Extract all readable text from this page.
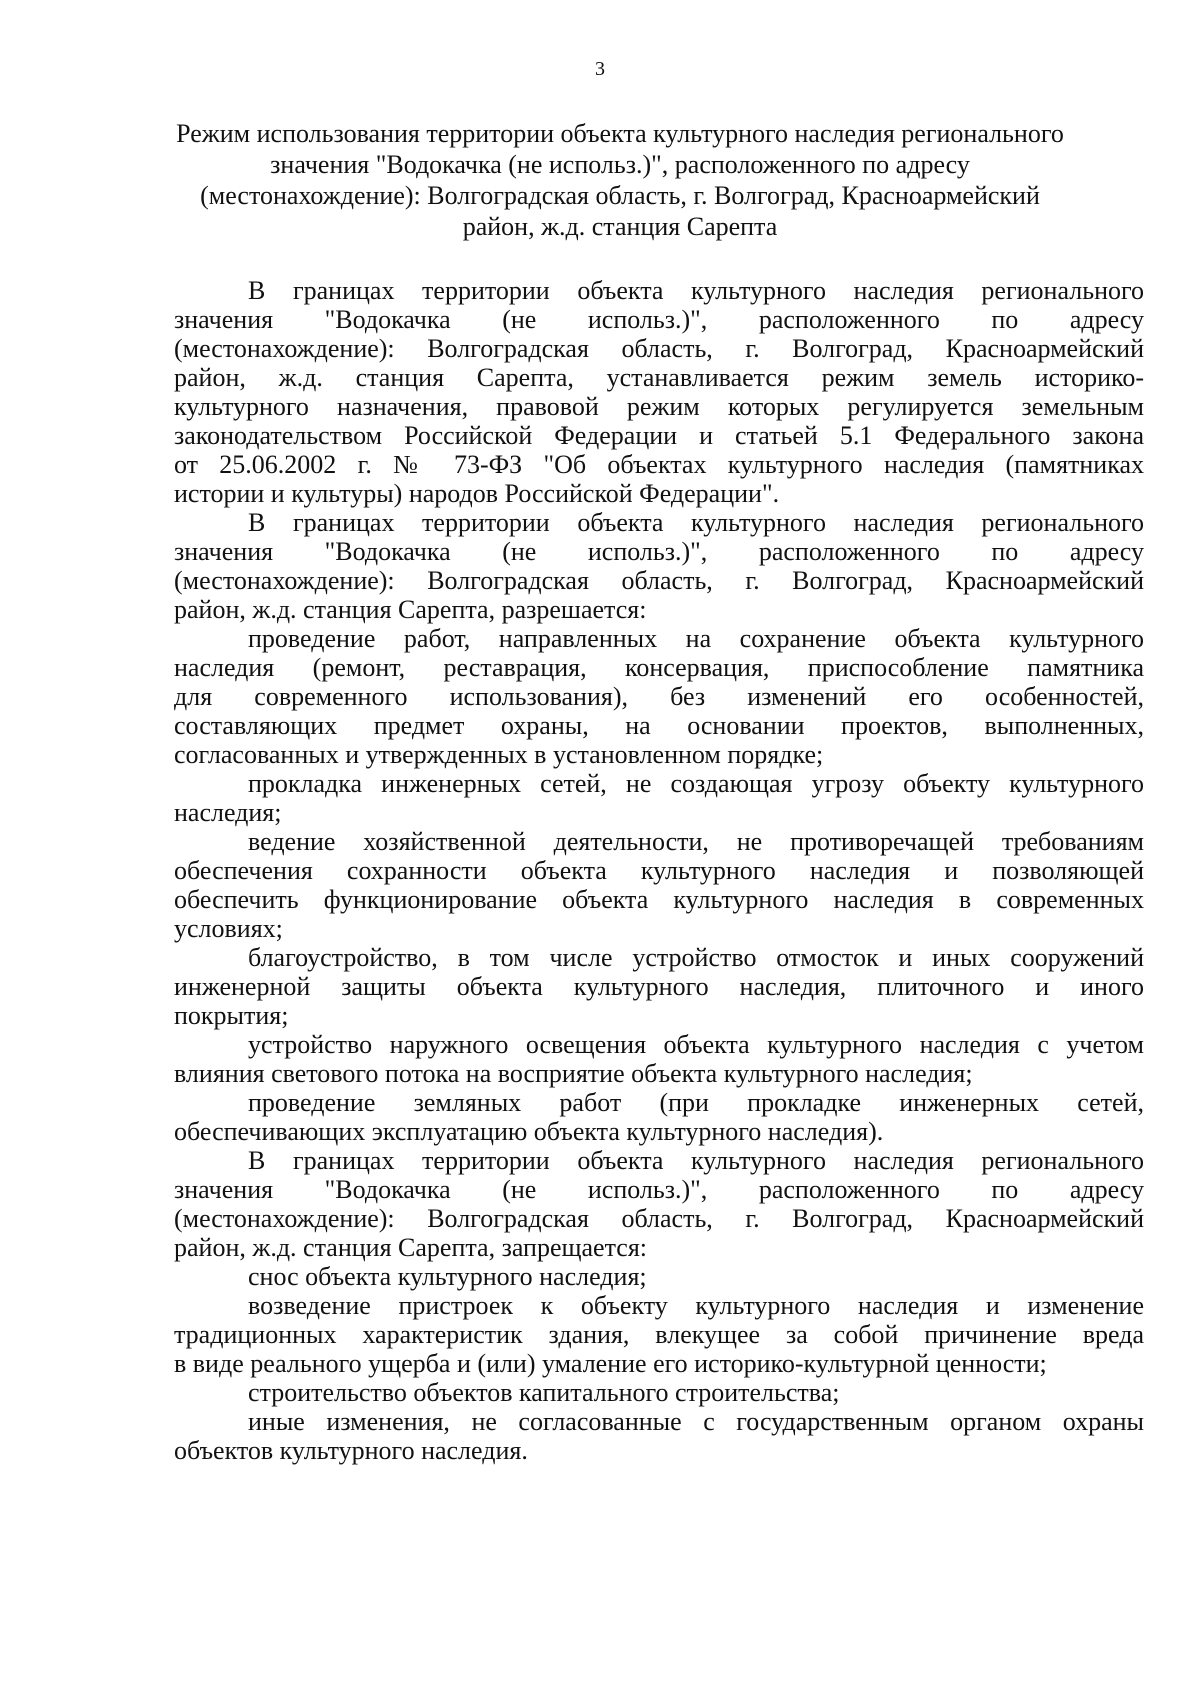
3
Режим использования территории объекта культурного наследия регионального
значения "Водокачка (не использ.)", расположенного по адресу
(местонахождение): Волгоградская область, г. Волгоград, Красноармейский
район, ж.д. станция Сарепта
В границах территории объекта культурного наследия регионального
значения "Водокачка (не использ.)", расположенного по адресу
(местонахождение): Волгоградская область, г. Волгоград, Красноармейский
район, ж.д. станция Сарепта, устанавливается режим земель историко-
культурного назначения, правовой режим которых регулируется земельным
законодательством Российской Федерации и статьей 5.1 Федерального закона
от 25.06.2002 г. № 73-ФЗ "Об объектах культурного наследия (памятниках
истории и культуры) народов Российской Федерации".
В границах территории объекта культурного наследия регионального
значения "Водокачка (не использ.)", расположенного по адресу
(местонахождение): Волгоградская область, г. Волгоград, Красноармейский
район, ж.д. станция Сарепта, разрешается:
проведение работ, направленных на сохранение объекта культурного
наследия (ремонт, реставрация, консервация, приспособление памятника
для современного использования), без изменений его особенностей,
составляющих предмет охраны, на основании проектов, выполненных,
согласованных и утвержденных в установленном порядке;
прокладка инженерных сетей, не создающая угрозу объекту культурного
наследия;
ведение хозяйственной деятельности, не противоречащей требованиям
обеспечения сохранности объекта культурного наследия и позволяющей
обеспечить функционирование объекта культурного наследия в современных
условиях;
благоустройство, в том числе устройство отмосток и иных сооружений
инженерной защиты объекта культурного наследия, плиточного и иного
покрытия;
устройство наружного освещения объекта культурного наследия с учетом
влияния светового потока на восприятие объекта культурного наследия;
проведение земляных работ (при прокладке инженерных сетей,
обеспечивающих эксплуатацию объекта культурного наследия).
В границах территории объекта культурного наследия регионального
значения "Водокачка (не использ.)", расположенного по адресу
(местонахождение): Волгоградская область, г. Волгоград, Красноармейский
район, ж.д. станция Сарепта, запрещается:
снос объекта культурного наследия;
возведение пристроек к объекту культурного наследия и изменение
традиционных характеристик здания, влекущее за собой причинение вреда
в виде реального ущерба и (или) умаление его историко-культурной ценности;
строительство объектов капитального строительства;
иные изменения, не согласованные с государственным органом охраны
объектов культурного наследия.
